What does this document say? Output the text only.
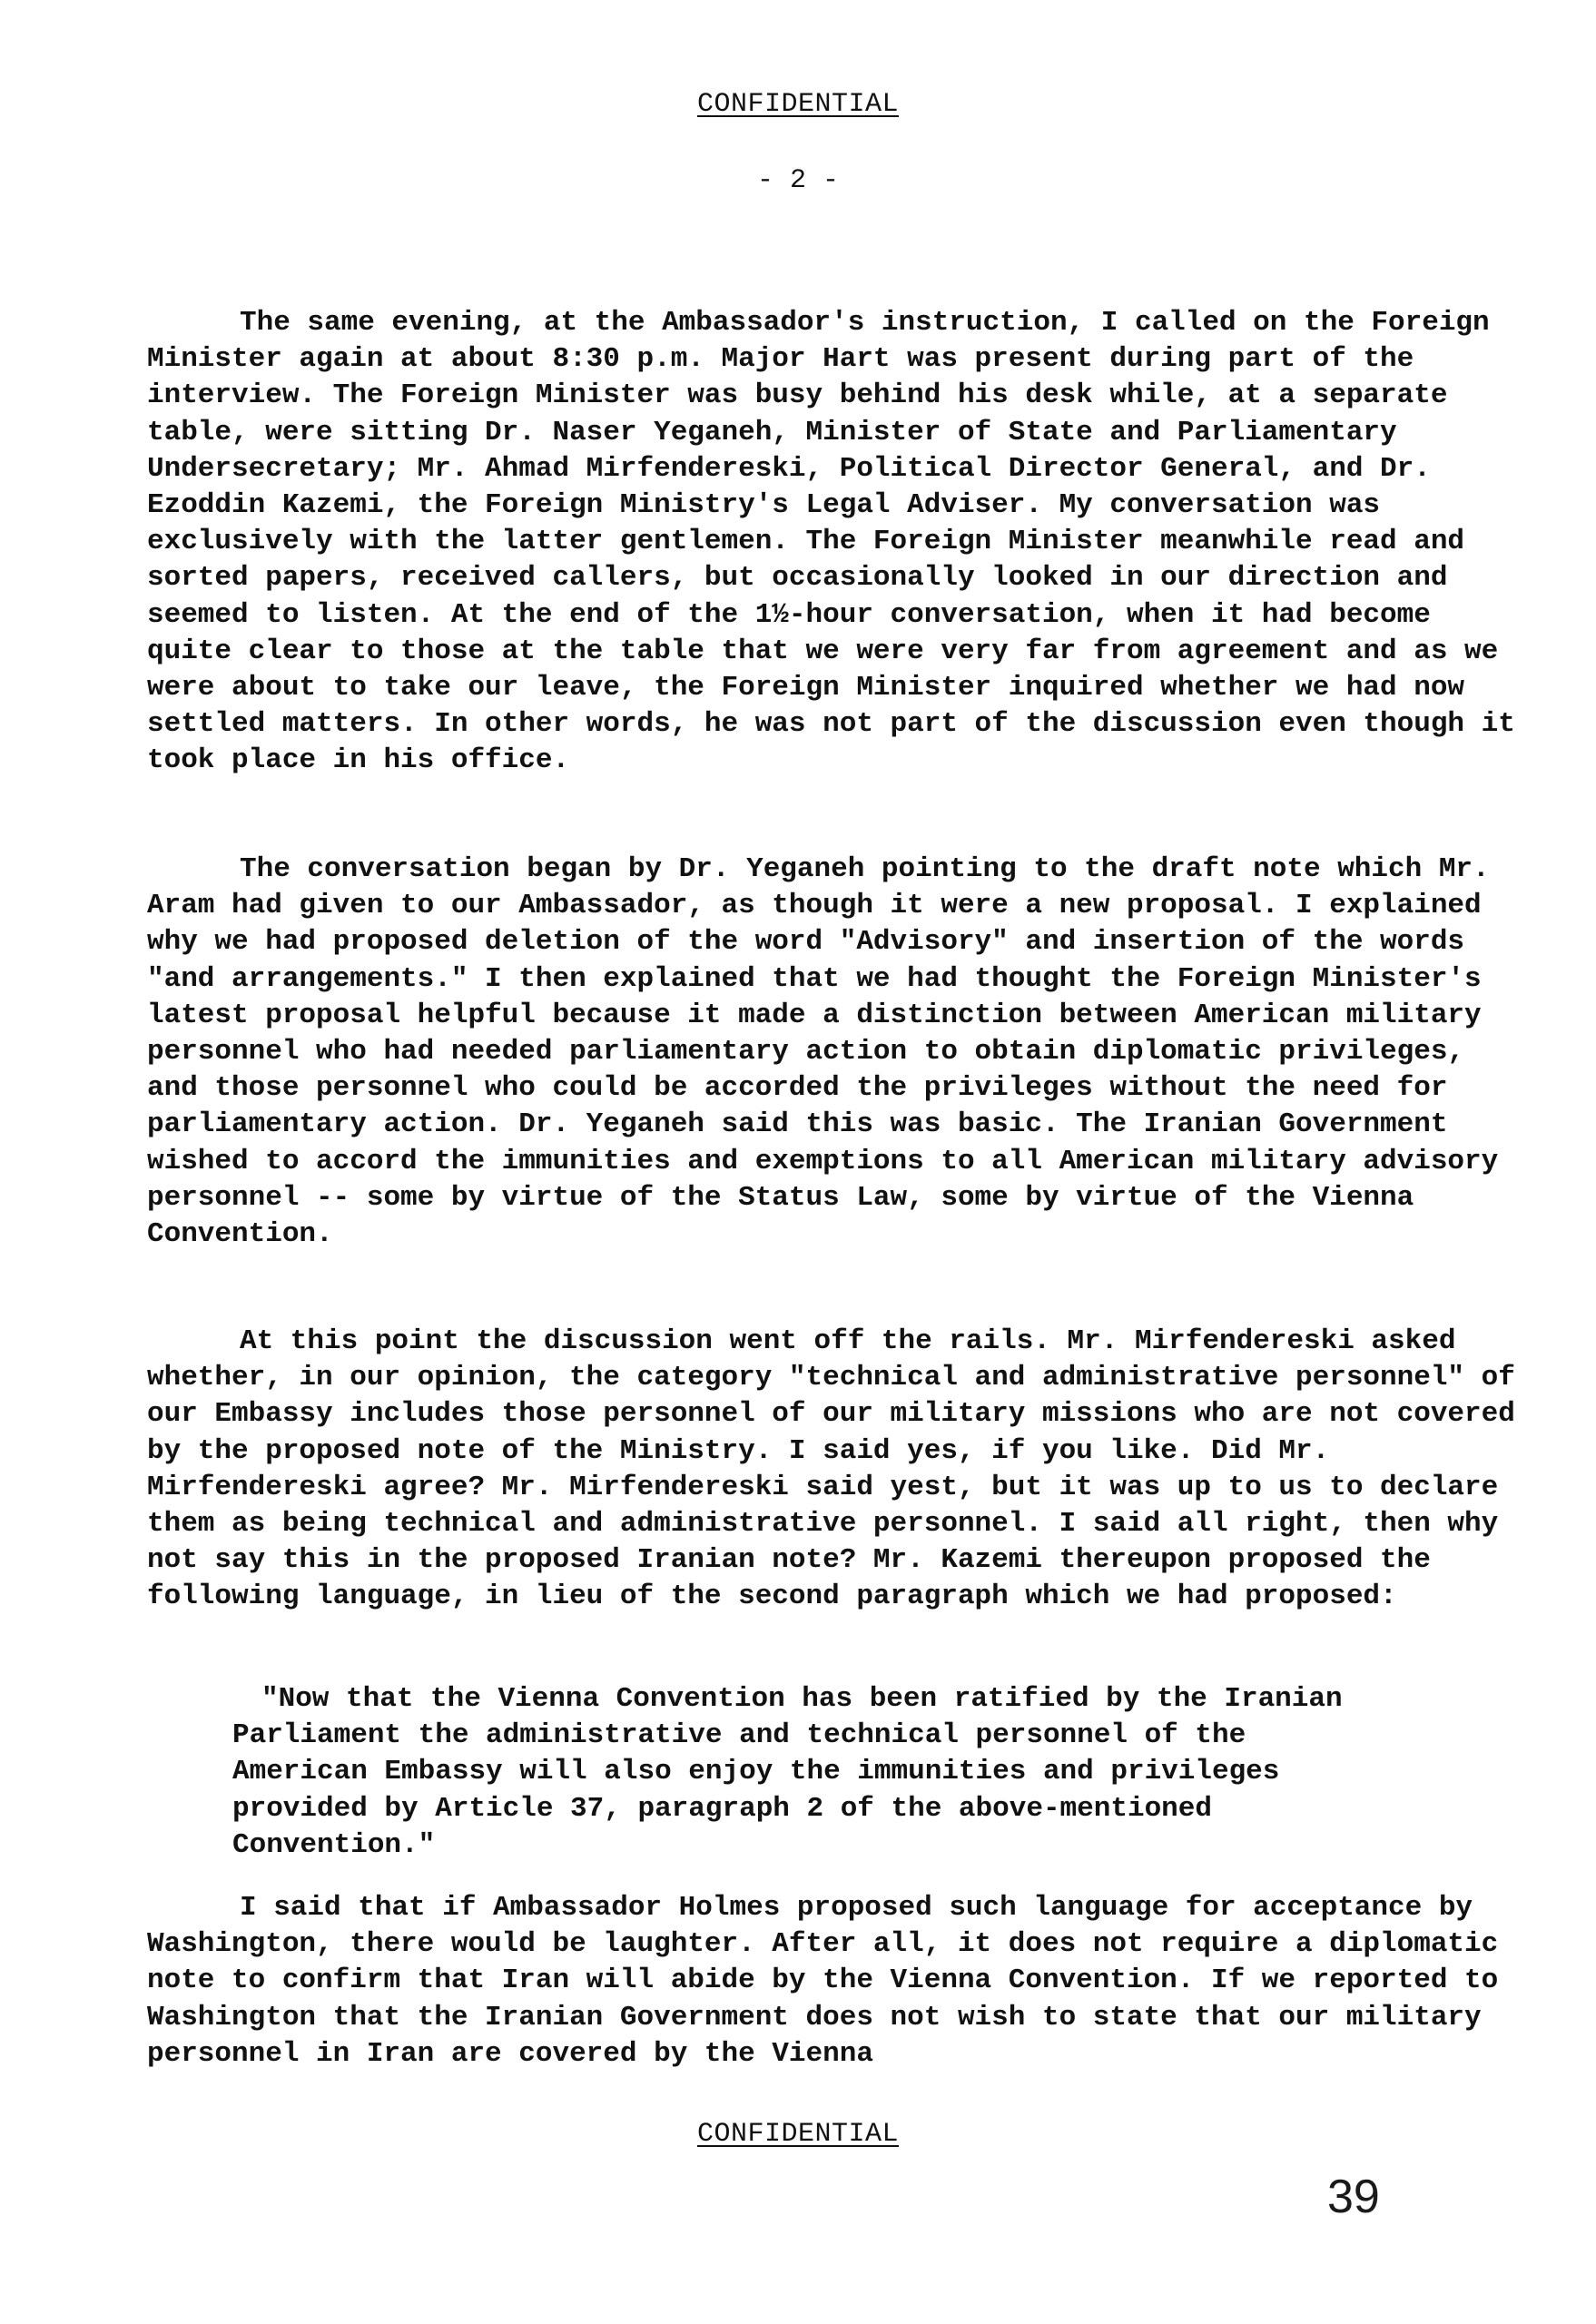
CONFIDENTIAL
- 2 -

The same evening, at the Ambassador's instruction, I called on the Foreign Minister again at about 8:30 p.m. Major Hart was present during part of the interview. The Foreign Minister was busy behind his desk while, at a separate table, were sitting Dr. Naser Yeganeh, Minister of State and Parliamentary Undersecretary; Mr. Ahmad Mirfendereski, Political Director General, and Dr. Ezoddin Kazemi, the Foreign Ministry's Legal Adviser. My conversation was exclusively with the latter gentlemen. The Foreign Minister meanwhile read and sorted papers, received callers, but occasionally looked in our direction and seemed to listen. At the end of the 1½-hour conversation, when it had become quite clear to those at the table that we were very far from agreement and as we were about to take our leave, the Foreign Minister inquired whether we had now settled matters. In other words, he was not part of the discussion even though it took place in his office.

The conversation began by Dr. Yeganeh pointing to the draft note which Mr. Aram had given to our Ambassador, as though it were a new proposal. I explained why we had proposed deletion of the word "Advisory" and insertion of the words "and arrangements." I then explained that we had thought the Foreign Minister's latest proposal helpful because it made a distinction between American military personnel who had needed parliamentary action to obtain diplomatic privileges, and those personnel who could be accorded the privileges without the need for parliamentary action. Dr. Yeganeh said this was basic. The Iranian Government wished to accord the immunities and exemptions to all American military advisory personnel -- some by virtue of the Status Law, some by virtue of the Vienna Convention.

At this point the discussion went off the rails. Mr. Mirfendereski asked whether, in our opinion, the category "technical and administrative personnel" of our Embassy includes those personnel of our military missions who are not covered by the proposed note of the Ministry. I said yes, if you like. Did Mr. Mirfendereski agree? Mr. Mirfendereski said yest, but it was up to us to declare them as being technical and administrative personnel. I said all right, then why not say this in the proposed Iranian note? Mr. Kazemi thereupon proposed the following language, in lieu of the second paragraph which we had proposed:

"Now that the Vienna Convention has been ratified by the Iranian Parliament the administrative and technical personnel of the American Embassy will also enjoy the immunities and privileges provided by Article 37, paragraph 2 of the above-mentioned Convention."

I said that if Ambassador Holmes proposed such language for acceptance by Washington, there would be laughter. After all, it does not require a diplomatic note to confirm that Iran will abide by the Vienna Convention. If we reported to Washington that the Iranian Government does not wish to state that our military personnel in Iran are covered by the Vienna

CONFIDENTIAL
39
